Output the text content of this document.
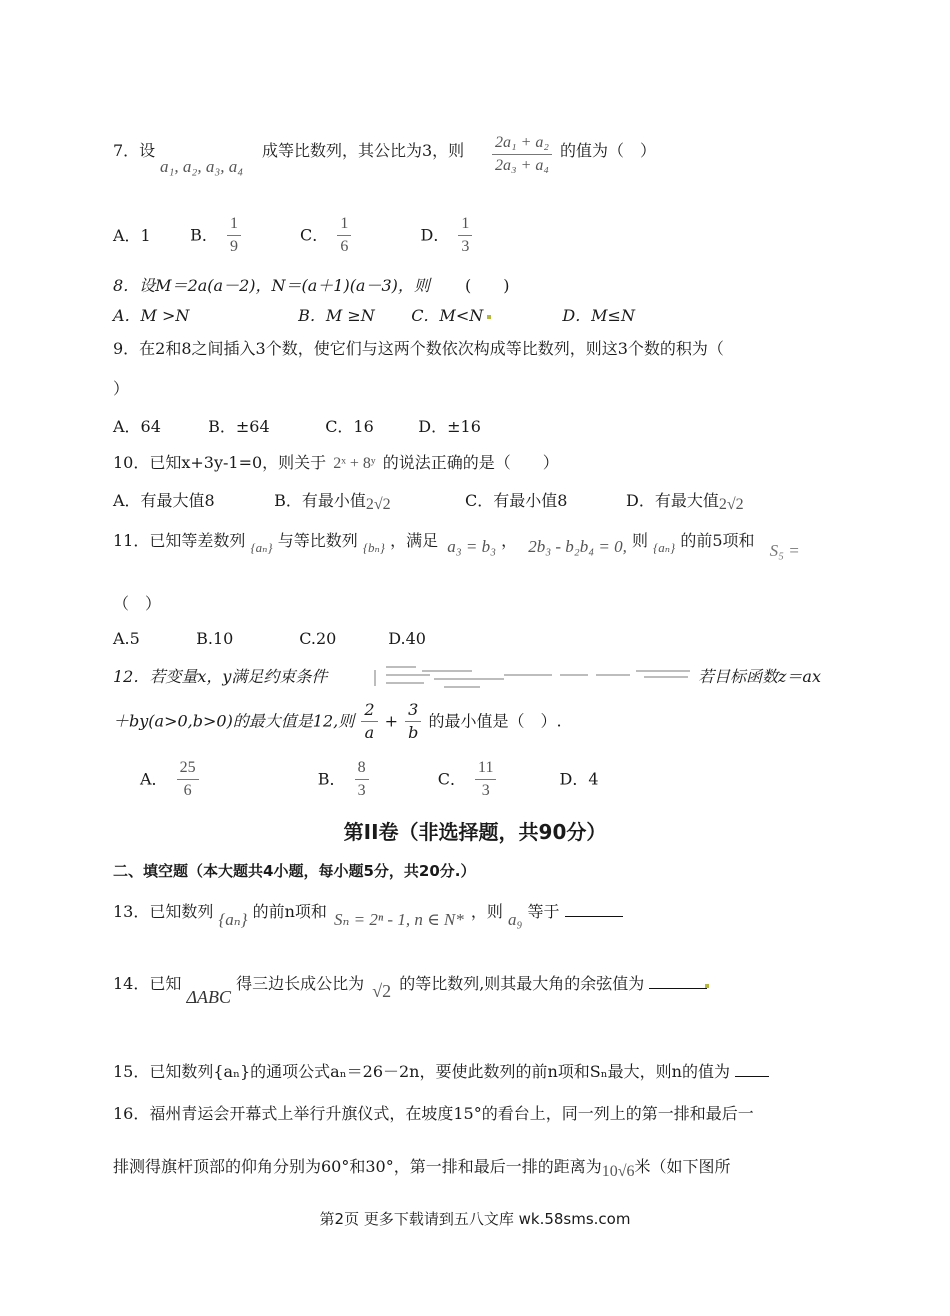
7．设
a₁, a₂, a₃, a₄
成等比数列，其公比为3，则 $\frac{\text{2a₁ + a₂}}{\text{2a₃ + a₄}}$ 的值为（　）
A．1 B． $\frac{1}{9}$	C． $\frac{1}{6}$	D． $\frac{1}{3}$
8．设M＝2a(a－2)，N＝(a＋1)(a－3)，则 (　　)
A．M >N	B．M ≥N C．M<N	D．M≤N
9．在2和8之间插入3个数，使它们与这两个数依次构成等比数列，则这3个数的积为（
）
A．64	B．±64	C．16	D．±16
10．已知x+3y-1=0，则关于 2ˣ + 8ʸ 的说法正确的是（　　）
A．有最大值8	B．有最小值2√2	C．有最小值8	D．有最大值2√2
11．已知等差数列 $_{\{a_n\}}$ 与等比数列 $_{\{b_n\}}$ ，满足 a₃ = b₃ ， 2b₃ - b₂b₄ = 0, 则 $_{\{a_n\}}$ 的前5项和 S₅ =
（　）
A.5	B.10	C.20	D.40
12．若变量x，y满足约束条件	若目标函数z＝ax
＋by(a>0,b>0)的最大值是12,则 $\frac{2}{a} + \frac{3}{b}$ 的最小值是（　）.
A． $\frac{25}{6}$	B． $\frac{8}{3}$	C． $\frac{11}{3}$	D．4
第II卷（非选择题，共90分）
二、填空题（本大题共4小题，每小题5分，共20分.）
13．已知数列 {aₙ} 的前n项和 Sₙ = 2ⁿ - 1, n ∈ N* ，则 a₉ 等于
14．已知 ΔABC 得三边长成公比为 √2 的等比数列,则其最大角的余弦值为
15．已知数列{aₙ}的通项公式aₙ＝26－2n，要使此数列的前n项和Sₙ最大，则n的值为
16．福州青运会开幕式上举行升旗仪式，在坡度15°的看台上，同一列上的第一排和最后一
排测得旗杆顶部的仰角分别为60°和30°，第一排和最后一排的距离为10√6米（如下图所
第2页 更多下载请到五八文库 wk.58sms.com
